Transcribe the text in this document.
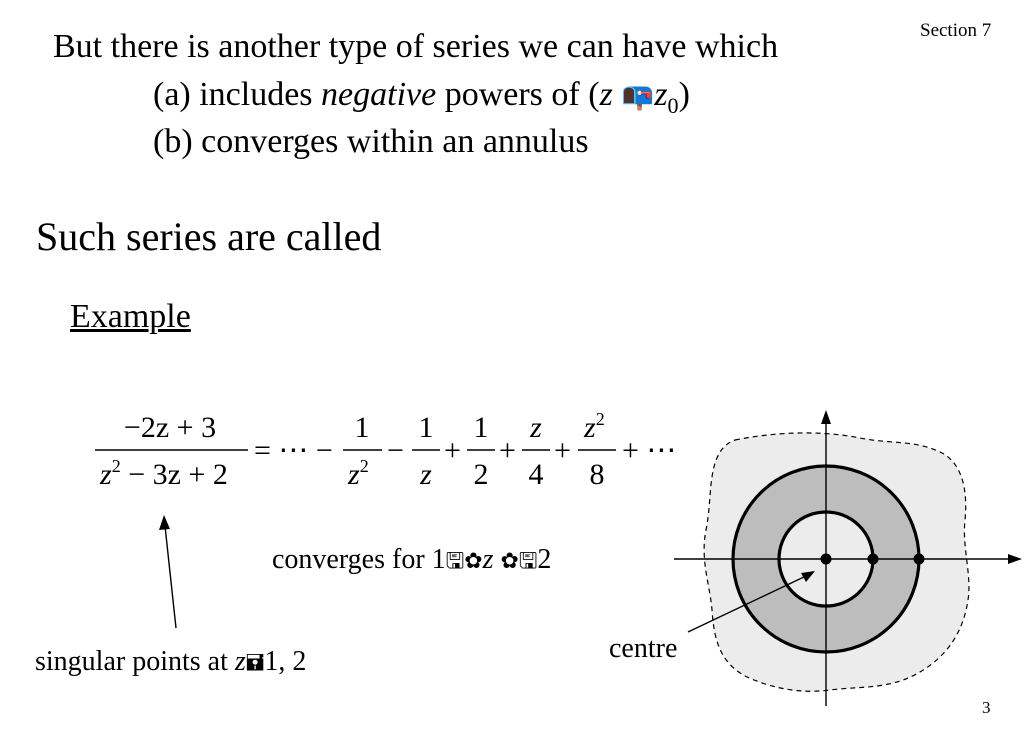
Section 7
But there is another type of series we can have which
(a) includes negative powers of (z $📭z_0$)
(b) converges within an annulus
Such series are called
Example
−2z + 3
$z^2 - 3z + 2$
= ⋯ −
1
$z^2$ −
1
z
+
1
2
+
z
4
+
$z^2$
8
+ ⋯
converges for 1🖫✿z ✿🖫2
singular points at z🖬1, 2	centre
3
